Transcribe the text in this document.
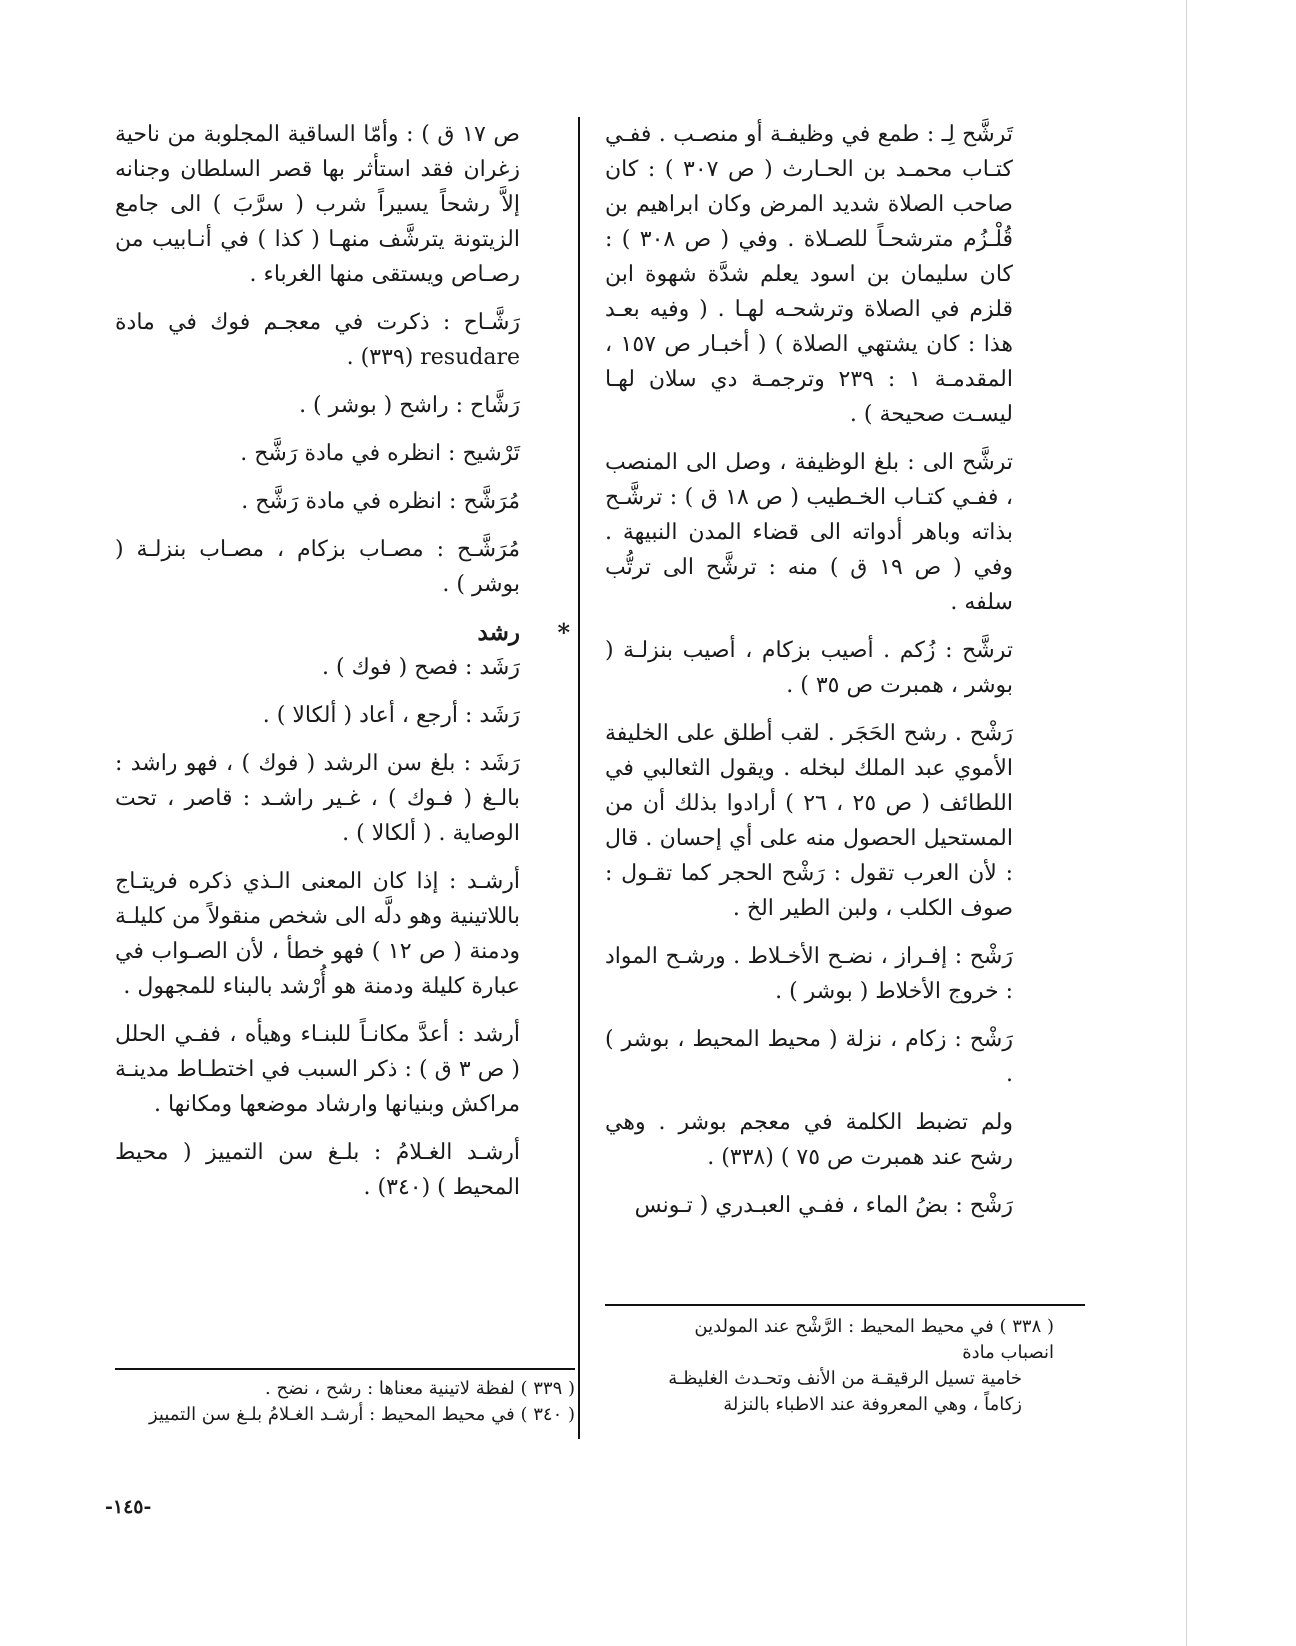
تَرشَّح لِـ : طمع في وظيفـة أو منصـب . ففـي كتـاب محمـد بن الحـارث ( ص ٣٠٧ ) : كان صاحب الصلاة شديد المرض وكان ابراهيم بن قُلْـزُم مترشحـاً للصـلاة . وفي ( ص ٣٠٨ ) : كان سليمان بن اسود يعلم شدَّة شهوة ابن قلزم في الصلاة وترشحـه لهـا . ( وفيه بعـد هذا : كان يشتهي الصلاة ) ( أخبـار ص ١٥٧ ، المقدمـة ١ : ٢٣٩ وترجمـة دي سلان لهـا ليسـت صحيحة ) .

ترشَّح الى : بلغ الوظيفة ، وصل الى المنصب ، ففـي كتـاب الخـطيب ( ص ١٨ ق ) : ترشَّـح بذاته وباهر أدواته الى قضاء المدن النبيهة . وفي ( ص ١٩ ق ) منه : ترشَّح الى ترتُّب سلفه .

ترشَّح : زُكم . أصيب بزكام ، أصيب بنزلـة ( بوشر ، همبرت ص ٣٥ ) .

رَشْح . رشح الحَجَر . لقب أطلق على الخليفة الأموي عبد الملك لبخله . ويقول الثعالبي في اللطائف ( ص ٢٥ ، ٢٦ ) أرادوا بذلك أن من المستحيل الحصول منه على أي إحسان . قال : لأن العرب تقول : رَشْح الحجر كما تقـول : صوف الكلب ، ولبن الطير الخ .

رَشْح : إفـراز ، نضـح الأخـلاط . ورشـح المواد : خروج الأخلاط ( بوشر ) .

رَشْح : زكام ، نزلة ( محيط المحيط ، بوشر ) .

ولم تضبط الكلمة في معجم بوشر . وهي رشح عند همبرت ص ٧٥ ) (٣٣٨) .

رَشْح : بضُ الماء ، ففـي العبـدري ( تـونس

ص ١٧ ق ) : وأمّا الساقية المجلوبة من ناحية زغران فقد استأثر بها قصر السلطان وجنانه إلاَّ رشحاً يسيراً شرب ( سرَّبَ ) الى جامع الزيتونة يترشَّف منهـا ( كذا ) في أنـابيب من رصـاص ويستقى منها الغرباء .

رَشَّـاح : ذكرت في معجـم فوك في مادة resudare (٣٣٩) .

رَشَّاح : راشح ( بوشر ) .

تَرْشيح : انظره في مادة رَشَّح .

مُرَشَّح : انظره في مادة رَشَّح .

مُرَشَّـح : مصـاب بزكام ، مصـاب بنزلـة ( بوشر ) .

*
رشد

رَشَد : فصح ( فوك ) .

رَشَد : أرجع ، أعاد ( ألكالا ) .

رَشَد : بلغ سن الرشد ( فوك ) ، فهو راشد : بالـغ ( فـوك ) ، غـير راشـد : قاصر ، تحت الوصاية . ( ألكالا ) .

أرشـد : إذا كان المعنى الـذي ذكره فريتـاج باللاتينية وهو دلَّه الى شخص منقولاً من كليلـة ودمنة ( ص ١٢ ) فهو خطأ ، لأن الصـواب في عبارة كليلة ودمنة هو أُرْشد بالبناء للمجهول .

أرشد : أعدَّ مكانـاً للبنـاء وهيأه ، ففـي الحلل ( ص ٣ ق ) : ذكر السبب في اختطـاط مدينـة مراكش وبنيانها وارشاد موضعها ومكانها .

أرشـد الغـلامُ : بلـغ سن التمييز ( محيط المحيط ) (٣٤٠) .

( ٣٣٨ ) في محيط المحيط : الرَّشْح عند المولدين انصباب مادة
خامية تسيل الرقيقـة من الأنف وتحـدث الغليظـة
زكاماً ، وهي المعروفة عند الاطباء بالنزلة
( ٣٣٩ ) لفظة لاتينية معناها : رشح ، نضح .
( ٣٤٠ ) في محيط المحيط : أرشـد الغـلامُ بلـغ سن التمييز
-١٤٥-
